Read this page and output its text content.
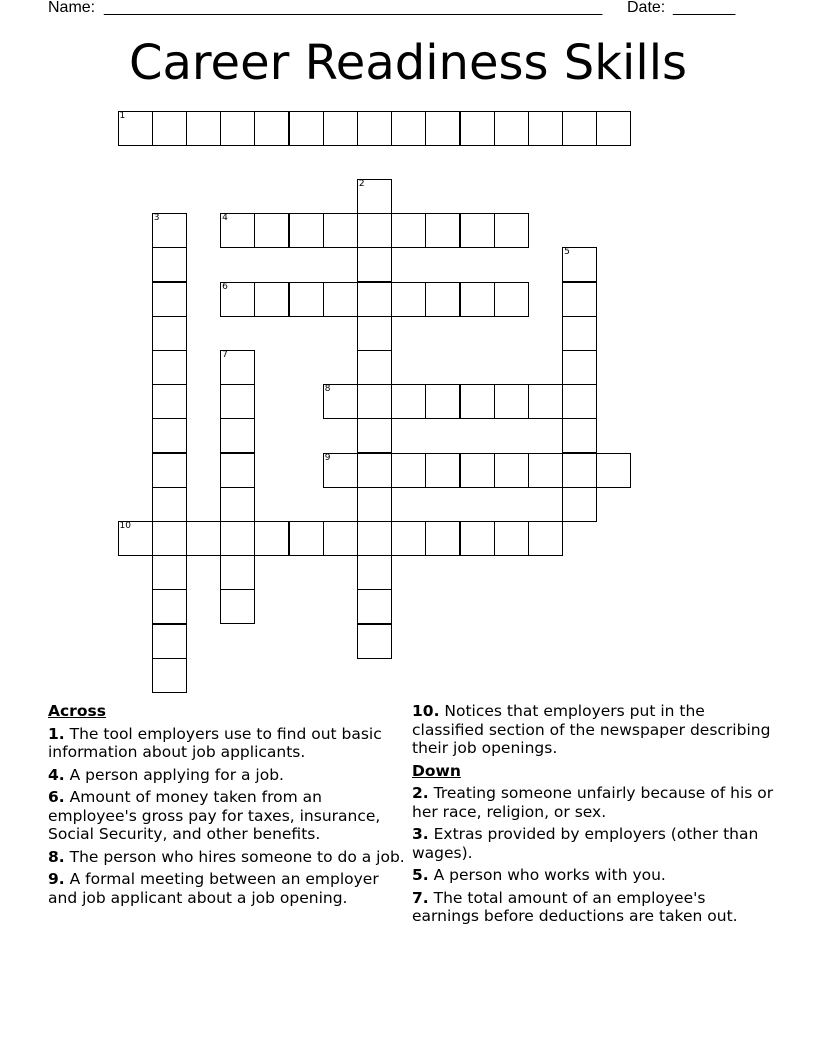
Name: ________________________________________________________ Date: _______
Career Readiness Skills
1
2
3	4
5
6
7
8
9
10
Across
1. The tool employers use to find out basic information about job applicants.
4. A person applying for a job.
6. Amount of money taken from an employee's gross pay for taxes, insurance, Social Security, and other benefits.
8. The person who hires someone to do a job.
9. A formal meeting between an employer and job applicant about a job opening.
10. Notices that employers put in the classified section of the newspaper describing their job openings.
Down
2. Treating someone unfairly because of his or her race, religion, or sex.
3. Extras provided by employers (other than wages).
5. A person who works with you.
7. The total amount of an employee's earnings before deductions are taken out.
